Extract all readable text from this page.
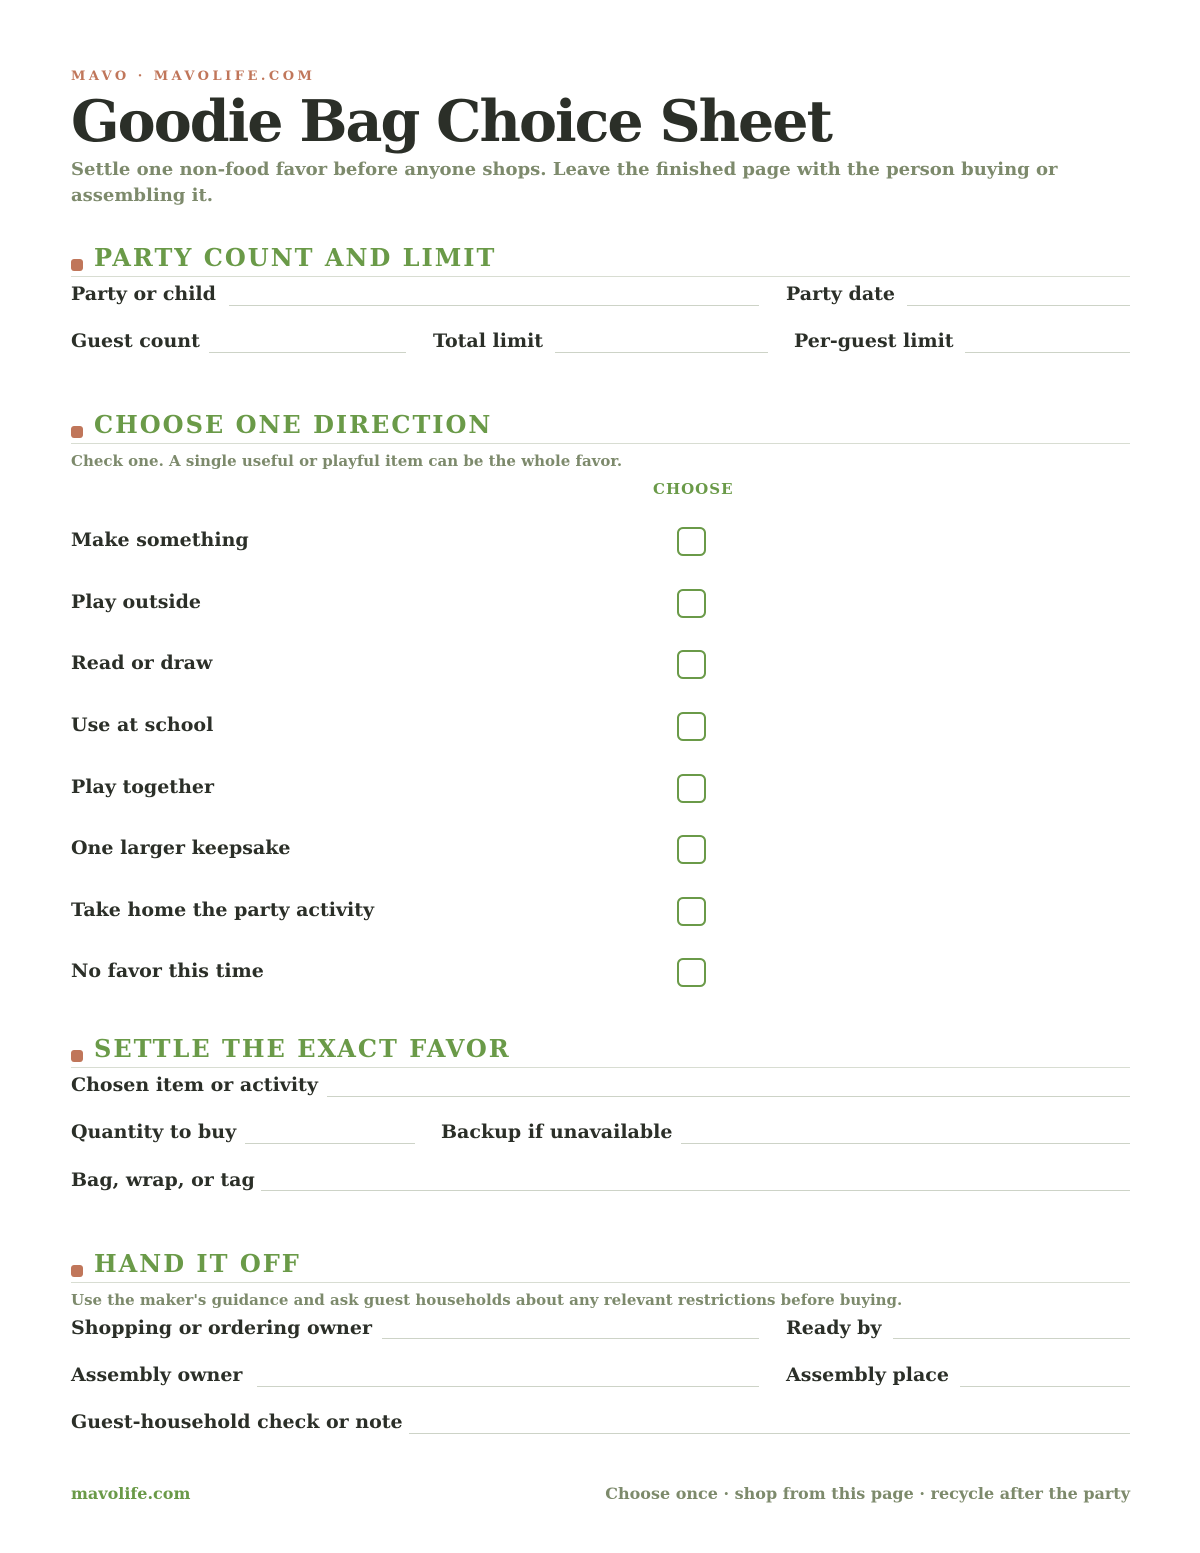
MAVO · MAVOLIFE.COM
Goodie Bag Choice Sheet
Settle one non-food favor before anyone shops. Leave the finished page with the person buying or assembling it.
PARTY COUNT AND LIMIT
Party or child	Party date
Guest count	Total limit	Per-guest limit
CHOOSE ONE DIRECTION
Check one. A single useful or playful item can be the whole favor.
CHOOSE
Make something
Play outside
Read or draw
Use at school
Play together
One larger keepsake
Take home the party activity
No favor this time
SETTLE THE EXACT FAVOR
Chosen item or activity
Quantity to buy	Backup if unavailable
Bag, wrap, or tag
HAND IT OFF
Use the maker's guidance and ask guest households about any relevant restrictions before buying.
Shopping or ordering owner	Ready by
Assembly owner	Assembly place
Guest-household check or note
mavolife.com	Choose once · shop from this page · recycle after the party
